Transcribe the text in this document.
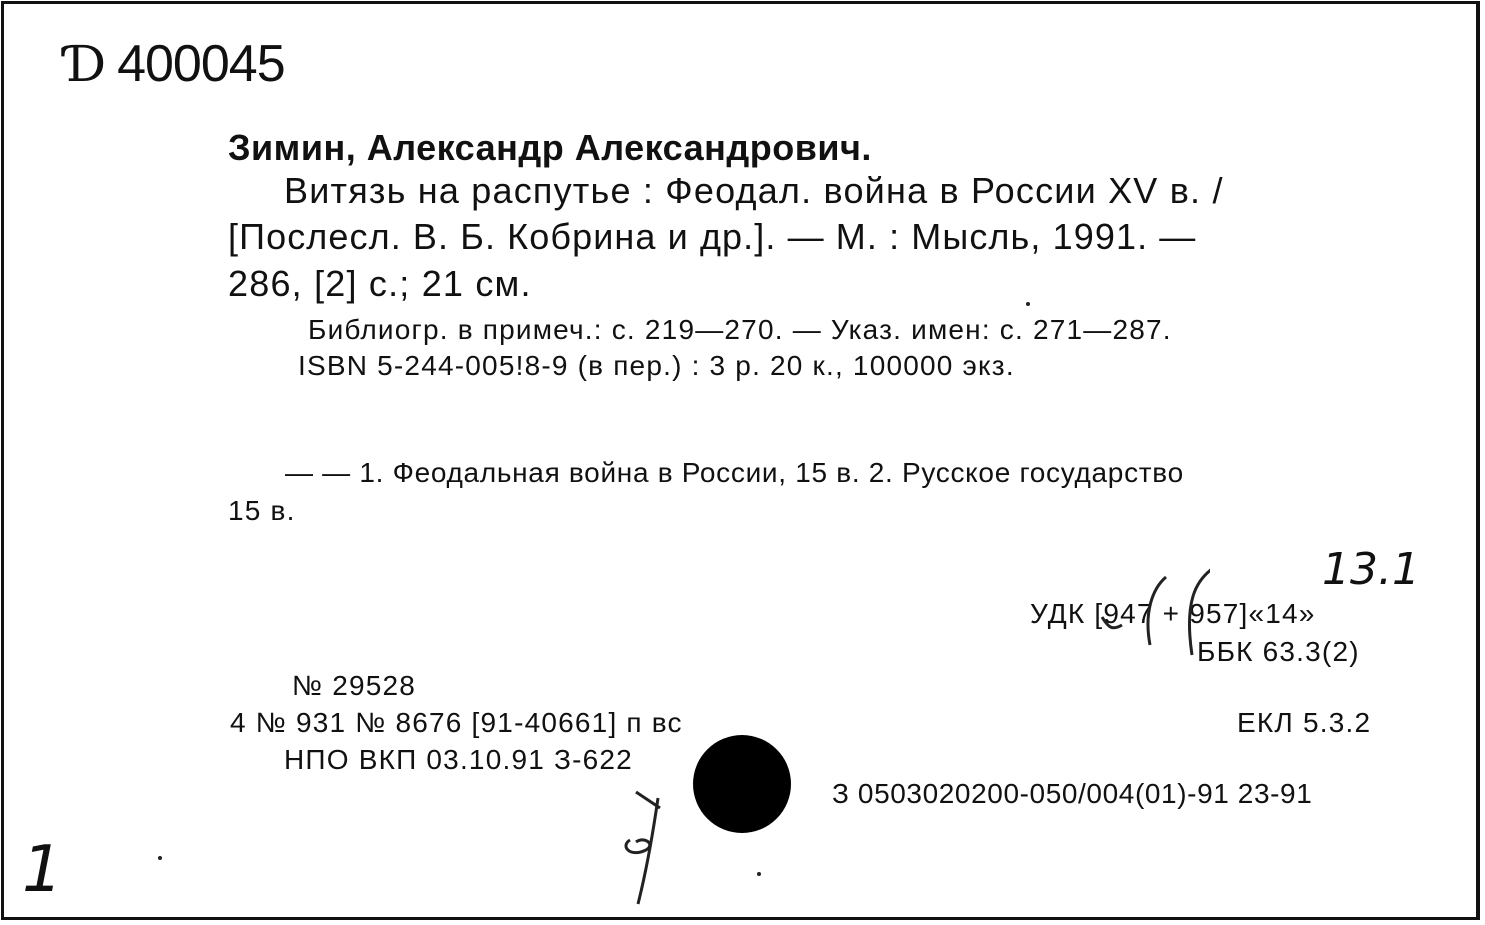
Ɗ 400045
Зимин, Александр Александрович.
Витязь на распутье : Феодал. война в России XV в. /
[Послесл. В. Б. Кобрина и др.]. — М. : Мысль, 1991. —
286, [2] с.; 21 см.
Библиогр. в примеч.: с. 219—270. — Указ. имен: с. 271—287.
ISBN 5-244-005!8-9 (в пер.) : 3 р. 20 к., 100000 экз.
— — 1. Феодальная война в России, 15 в. 2. Русское государство
15 в.
13.1
УДК [947 + 957]«14»
ББК 63.3(2)
№ 29528
4 № 931 № 8676 [91-40661] п вс	ЕКЛ 5.3.2
НПО ВКП 03.10.91 З-622
З 0503020200-050/004(01)-91 23-91
1
